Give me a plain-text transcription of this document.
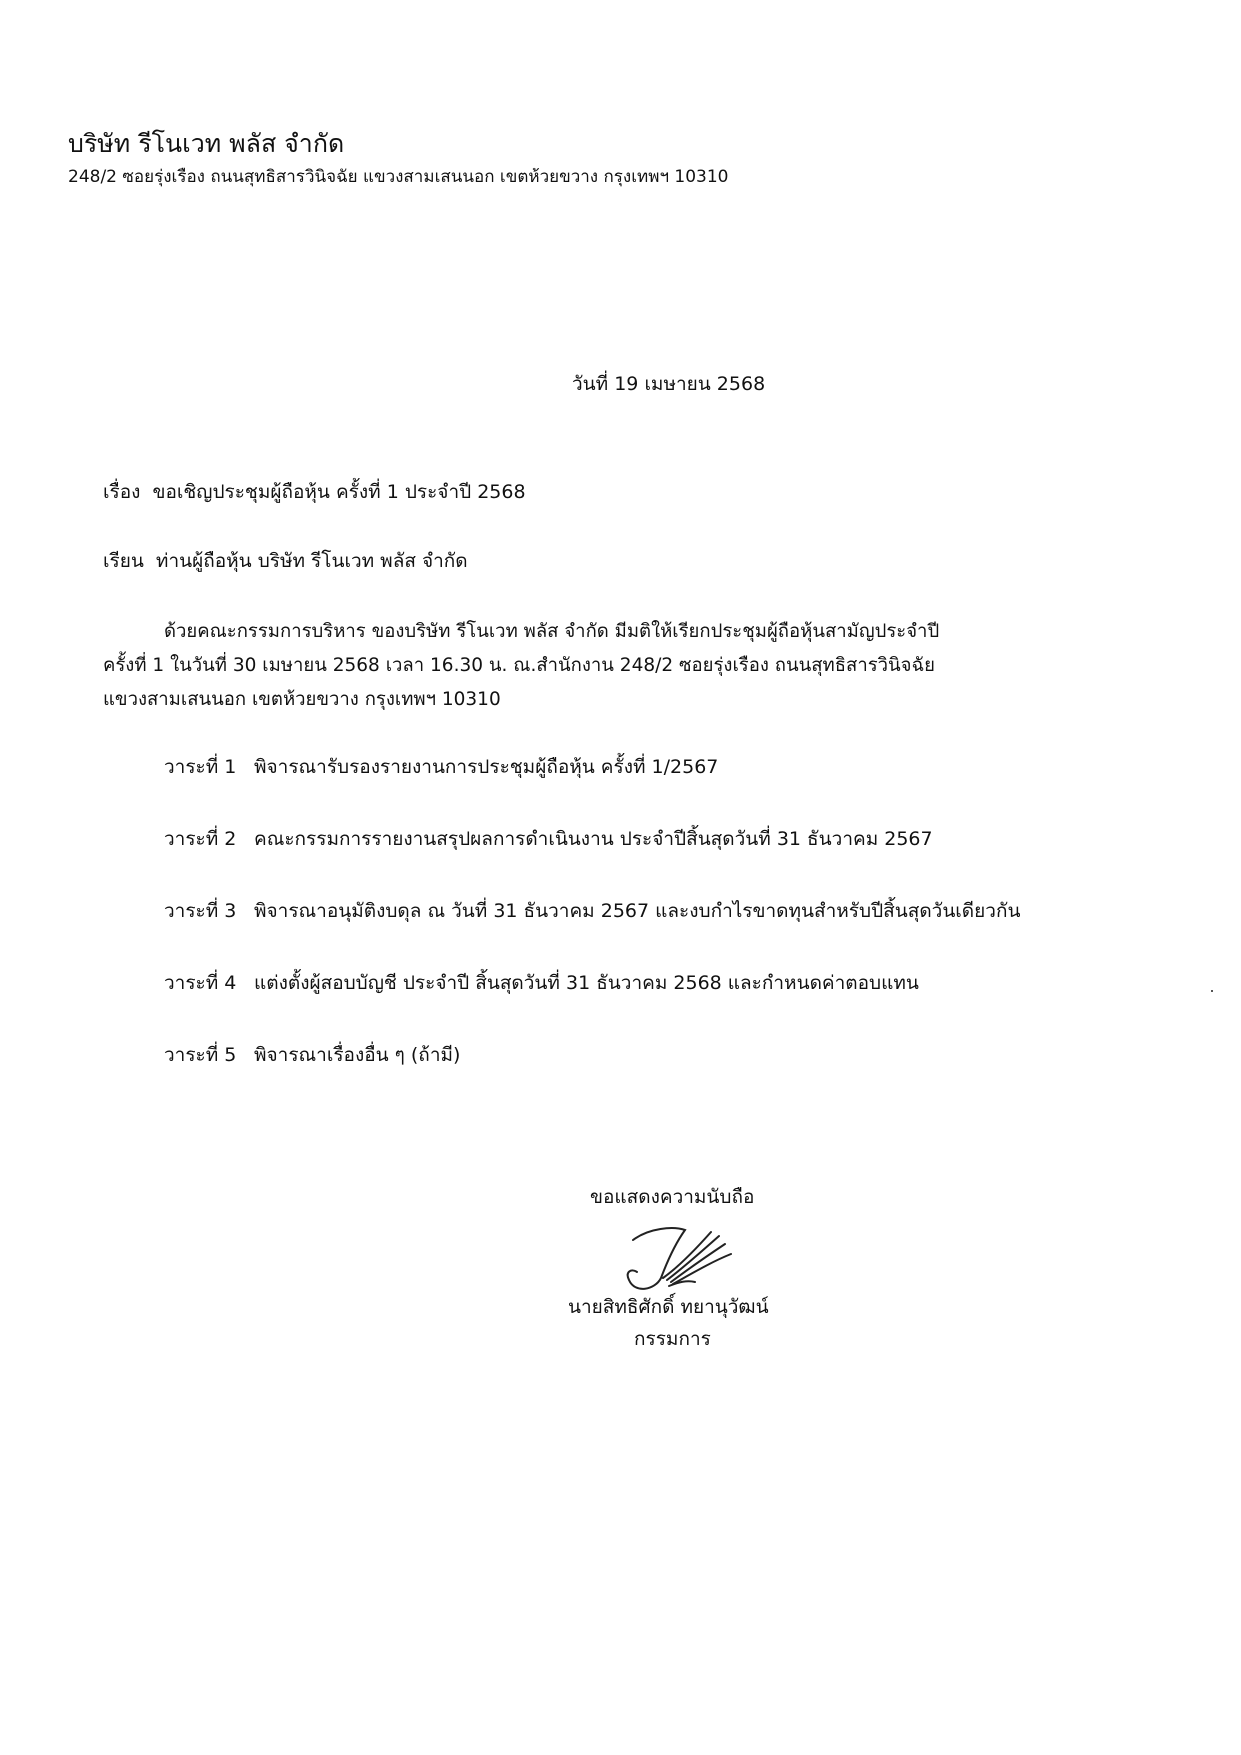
บริษัท รีโนเวท พลัส จำกัด
248/2 ซอยรุ่งเรือง ถนนสุทธิสารวินิจฉัย แขวงสามเสนนอก เขตห้วยขวาง กรุงเทพฯ 10310
วันที่ 19 เมษายน 2568
เรื่อง ขอเชิญประชุมผู้ถือหุ้น ครั้งที่ 1 ประจำปี 2568
เรียน ท่านผู้ถือหุ้น บริษัท รีโนเวท พลัส จำกัด
ด้วยคณะกรรมการบริหาร ของบริษัท รีโนเวท พลัส จำกัด มีมติให้เรียกประชุมผู้ถือหุ้นสามัญประจำปี
ครั้งที่ 1 ในวันที่ 30 เมษายน 2568 เวลา 16.30 น. ณ.สำนักงาน 248/2 ซอยรุ่งเรือง ถนนสุทธิสารวินิจฉัย
แขวงสามเสนนอก เขตห้วยขวาง กรุงเทพฯ 10310
วาระที่ 1 พิจารณารับรองรายงานการประชุมผู้ถือหุ้น ครั้งที่ 1/2567
วาระที่ 2 คณะกรรมการรายงานสรุปผลการดำเนินงาน ประจำปีสิ้นสุดวันที่ 31 ธันวาคม 2567
วาระที่ 3 พิจารณาอนุมัติงบดุล ณ วันที่ 31 ธันวาคม 2567 และงบกำไรขาดทุนสำหรับปีสิ้นสุดวันเดียวกัน
วาระที่ 4 แต่งตั้งผู้สอบบัญชี ประจำปี สิ้นสุดวันที่ 31 ธันวาคม 2568 และกำหนดค่าตอบแทน
วาระที่ 5 พิจารณาเรื่องอื่น ๆ (ถ้ามี)
ขอแสดงความนับถือ
นายสิทธิศักดิ์ ทยานุวัฒน์
กรรมการ
